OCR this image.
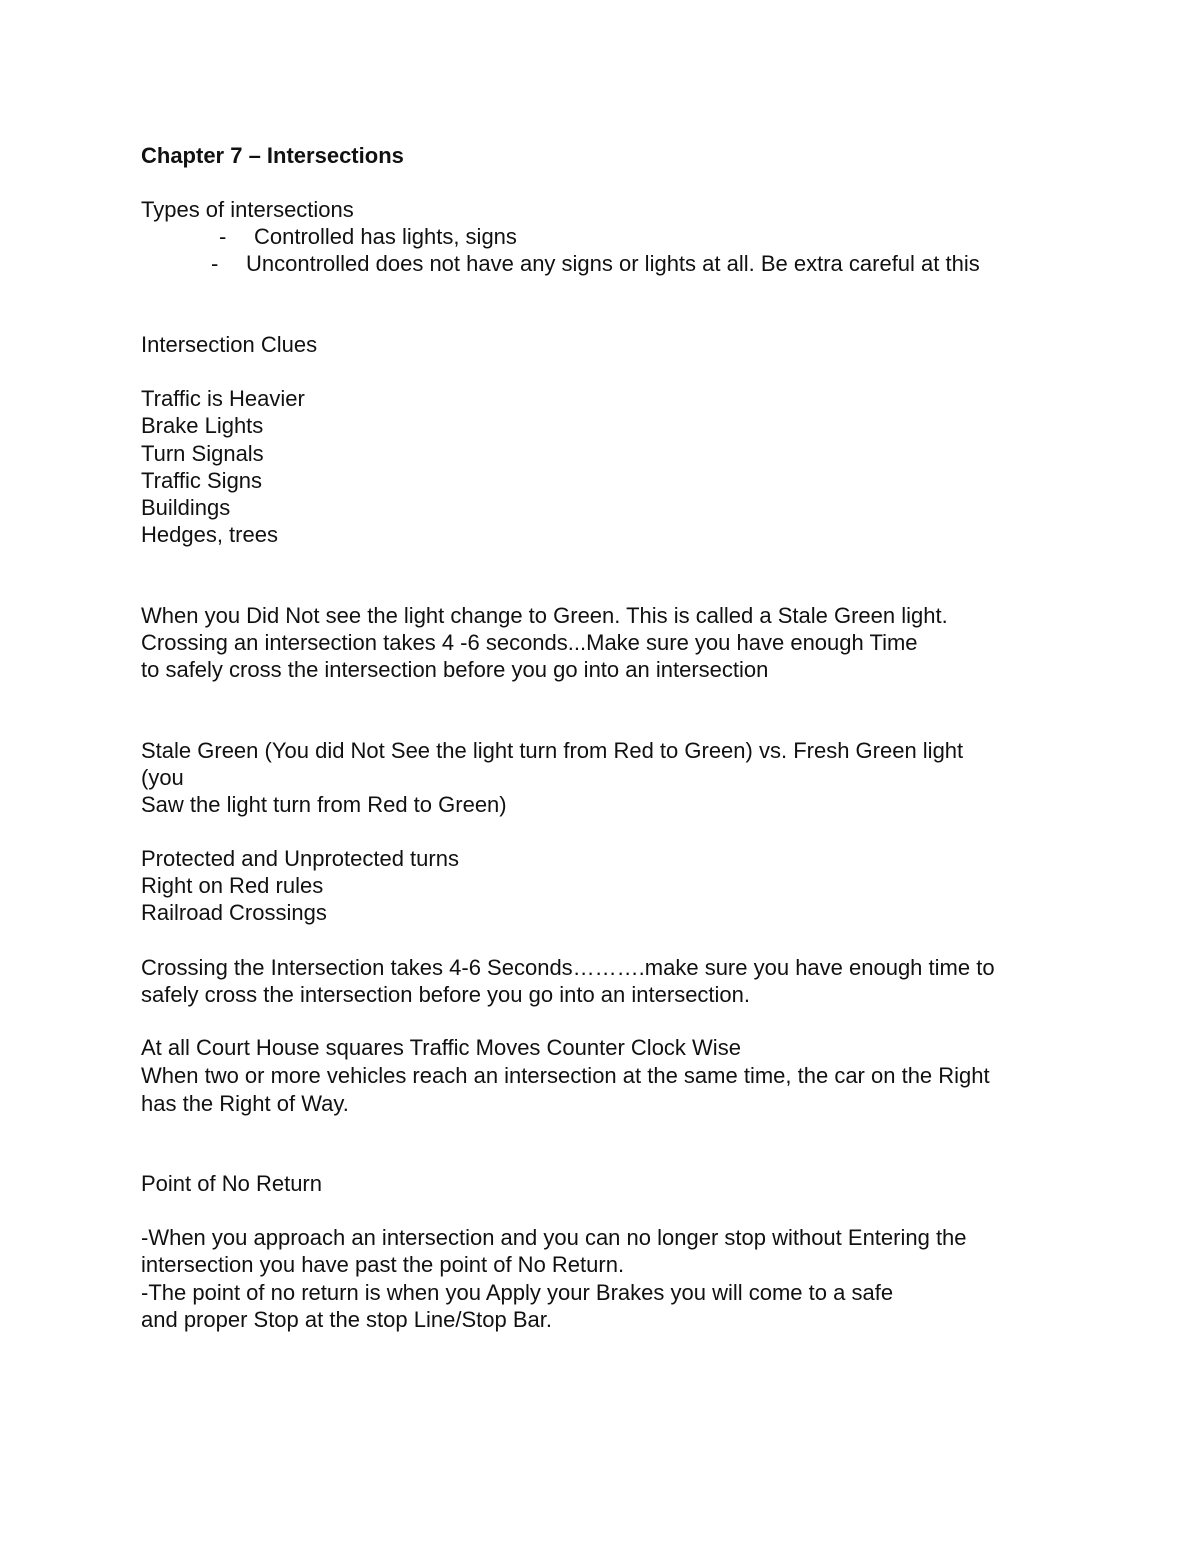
Chapter 7 – Intersections
Types of intersections
- Controlled has lights, signs
- Uncontrolled does not have any signs or lights at all. Be extra careful at this
Intersection Clues
Traffic is Heavier
Brake Lights
Turn Signals
Traffic Signs
Buildings
Hedges, trees
When you Did Not see the light change to Green. This is called a Stale Green light.
Crossing an intersection takes 4 -6 seconds...Make sure you have enough Time
to safely cross the intersection before you go into an intersection
Stale Green (You did Not See the light turn from Red to Green) vs. Fresh Green light
(you
Saw the light turn from Red to Green)
Protected and Unprotected turns
Right on Red rules
Railroad Crossings
Crossing the Intersection takes 4-6 Seconds……….make sure you have enough time to
safely cross the intersection before you go into an intersection.
At all Court House squares Traffic Moves Counter Clock Wise
When two or more vehicles reach an intersection at the same time, the car on the Right
has the Right of Way.
Point of No Return
-When you approach an intersection and you can no longer stop without Entering the
intersection you have past the point of No Return.
-The point of no return is when you Apply your Brakes you will come to a safe
and proper Stop at the stop Line/Stop Bar.
